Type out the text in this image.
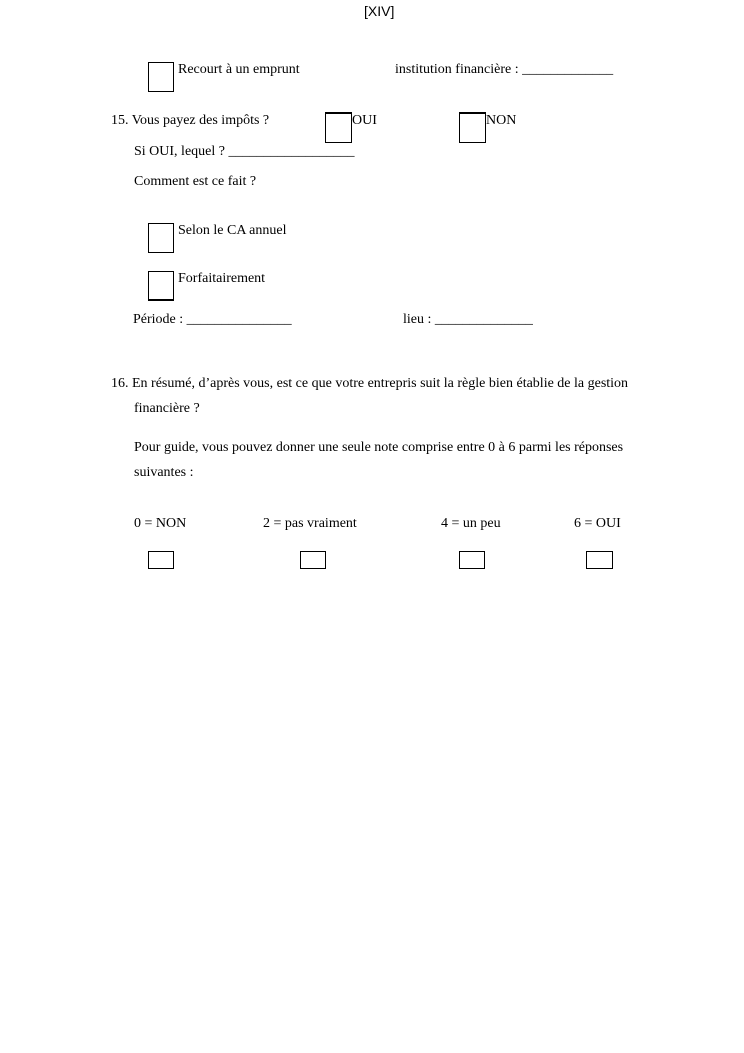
[XIV]
Recourt à un emprunt	institution financière : _____________
15. Vous payez des impôts ?	OUI	NON
Si OUI, lequel ? __________________
Comment est ce fait ?
Selon le CA annuel
Forfaitairement
Période : _______________	lieu : ______________
16. En résumé, d’après vous, est ce que votre entrepris suit la règle bien établie de la gestion
financière ?
Pour guide, vous pouvez donner une seule note comprise entre 0 à 6 parmi les réponses
suivantes :
0 = NON	2 = pas vraiment	4 = un peu	6 = OUI
